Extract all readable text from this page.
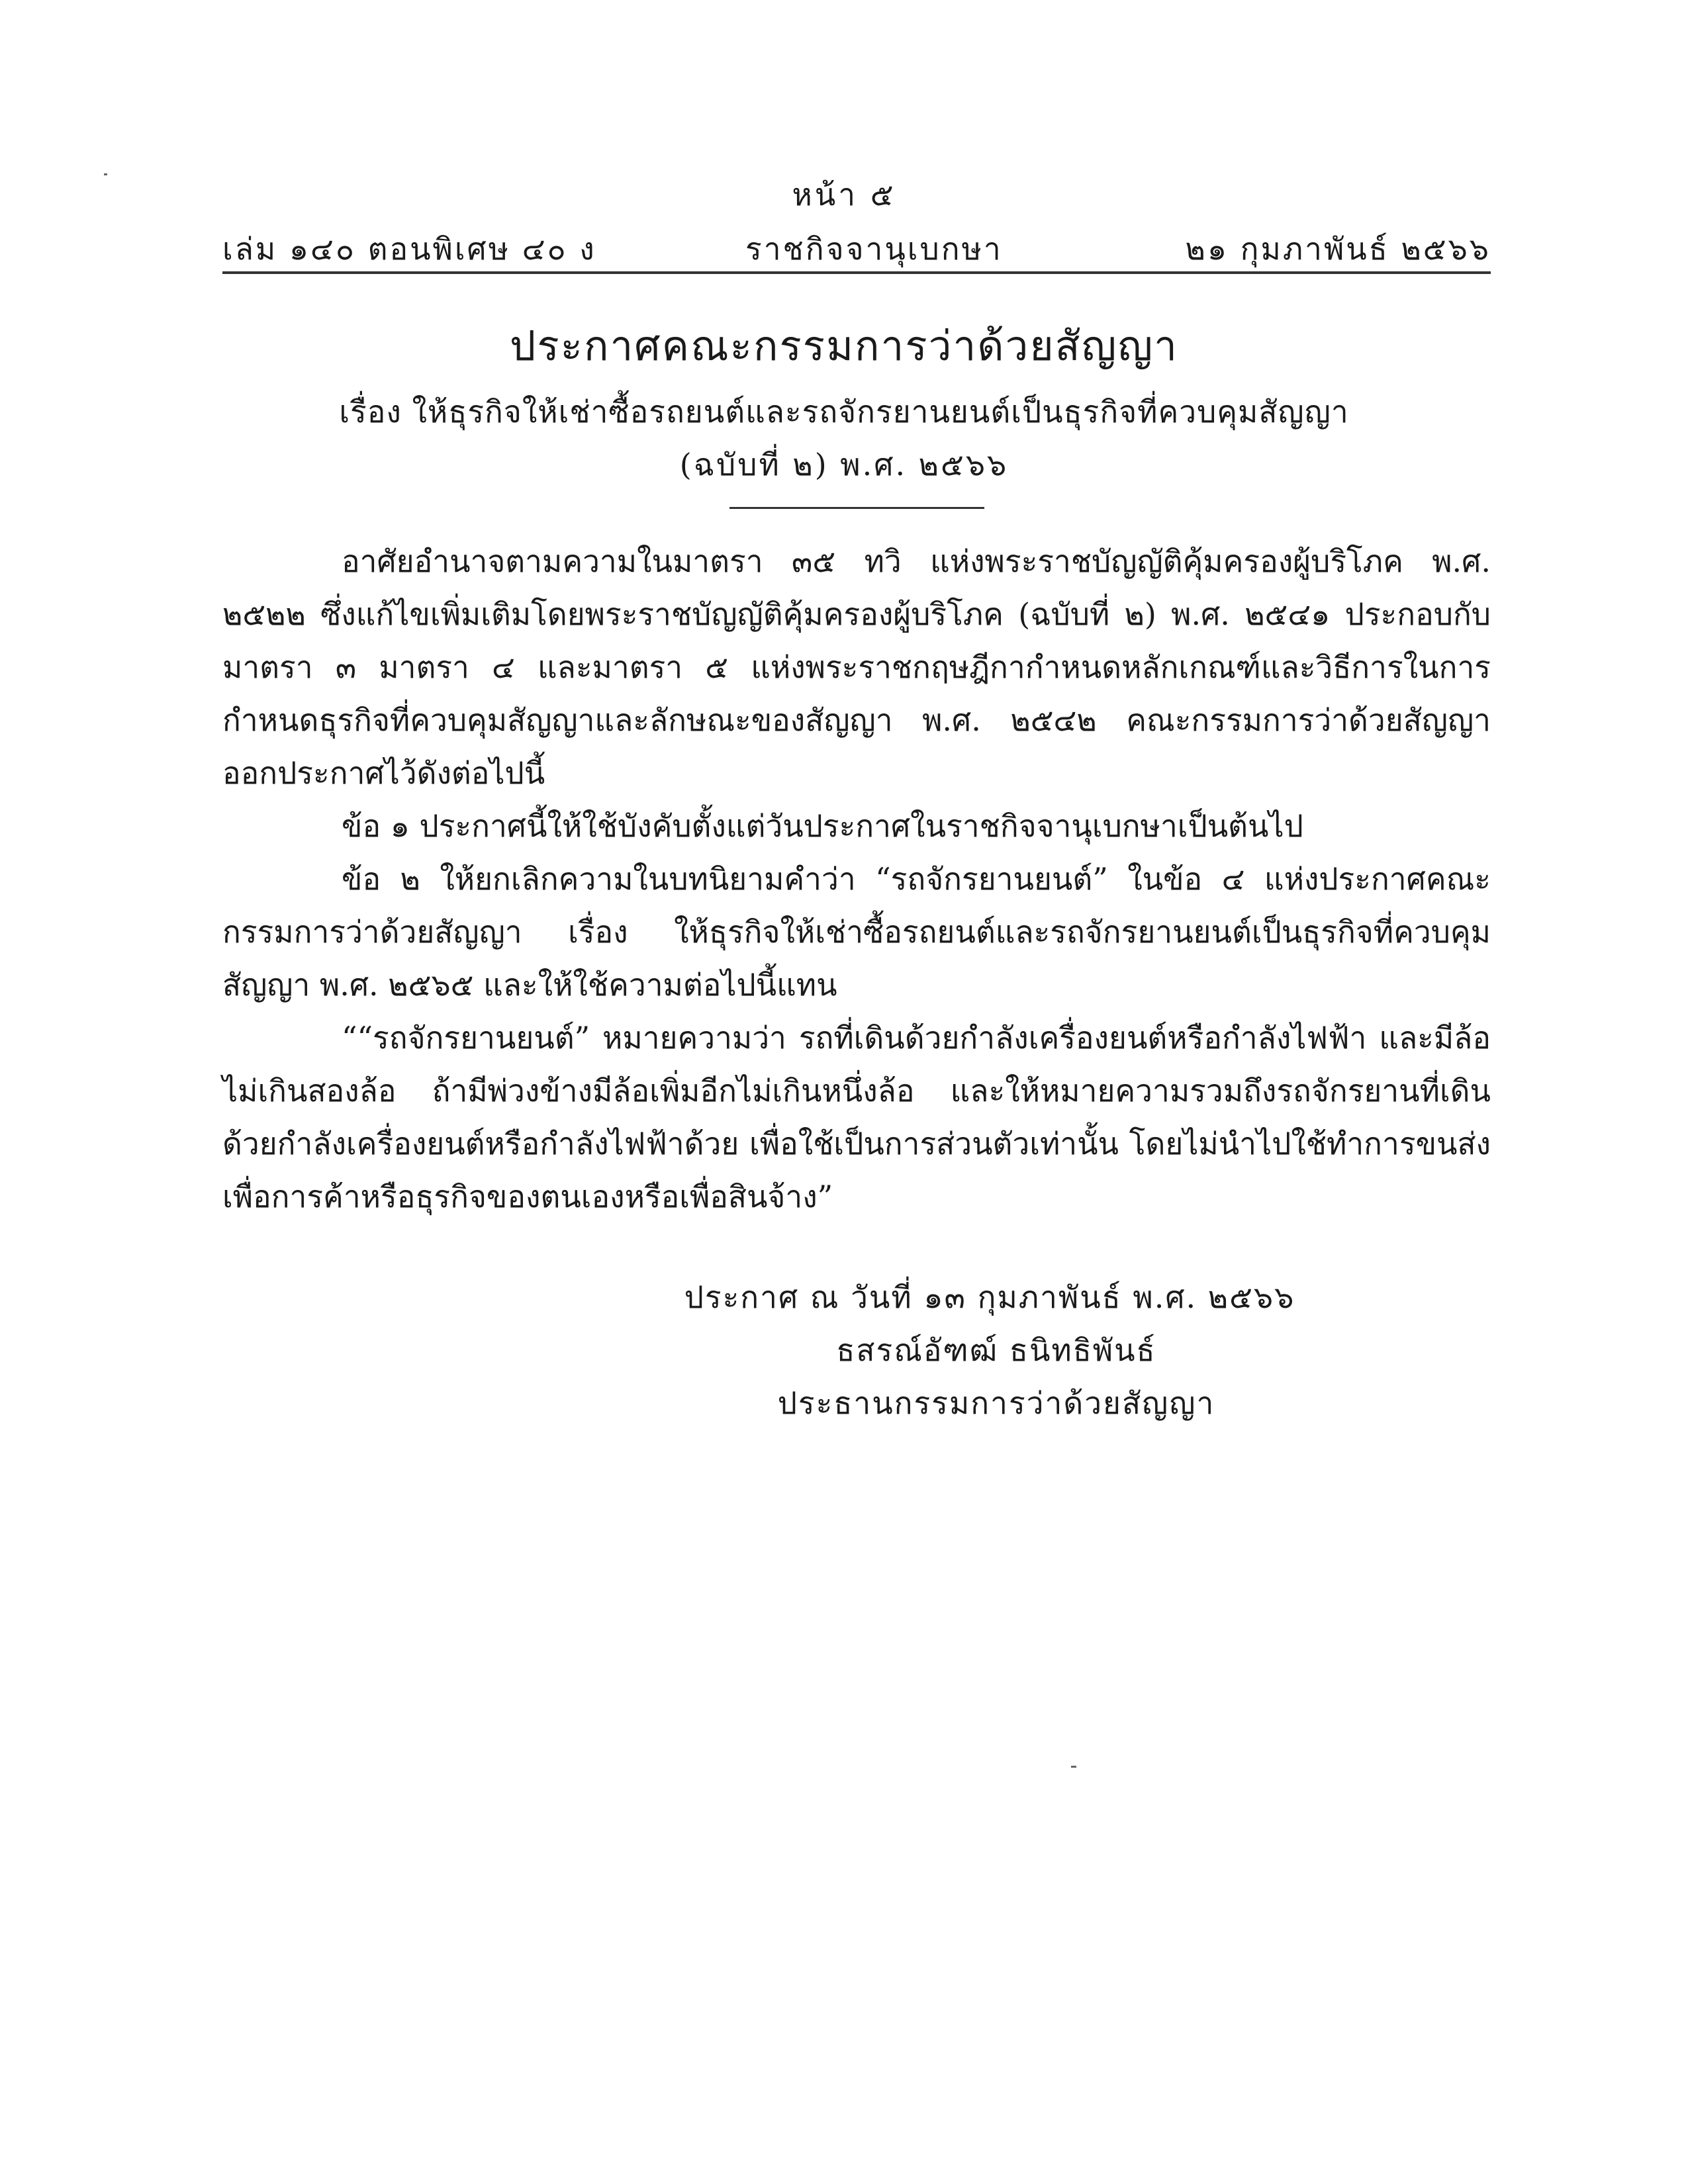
หน้า ๕
เล่ม ๑๔๐ ตอนพิเศษ ๔๐ ง	ราชกิจจานุเบกษา	๒๑ กุมภาพันธ์ ๒๕๖๖
ประกาศคณะกรรมการว่าด้วยสัญญา
เรื่อง ให้ธุรกิจให้เช่าซื้อรถยนต์และรถจักรยานยนต์เป็นธุรกิจที่ควบคุมสัญญา
(ฉบับที่ ๒) พ.ศ. ๒๕๖๖

อาศัยอำนาจตามความในมาตรา ๓๕ ทวิ แห่งพระราชบัญญัติคุ้มครองผู้บริโภค พ.ศ. ๒๕๒๒ ซึ่งแก้ไขเพิ่มเติมโดยพระราชบัญญัติคุ้มครองผู้บริโภค (ฉบับที่ ๒) พ.ศ. ๒๕๔๑ ประกอบกับมาตรา ๓ มาตรา ๔ และมาตรา ๕ แห่งพระราชกฤษฎีกากำหนดหลักเกณฑ์และวิธีการในการกำหนดธุรกิจที่ควบคุมสัญญาและลักษณะของสัญญา พ.ศ. ๒๕๔๒ คณะกรรมการว่าด้วยสัญญา ออกประกาศไว้ดังต่อไปนี้

ข้อ ๑ ประกาศนี้ให้ใช้บังคับตั้งแต่วันประกาศในราชกิจจานุเบกษาเป็นต้นไป

ข้อ ๒ ให้ยกเลิกความในบทนิยามคำว่า “รถจักรยานยนต์” ในข้อ ๔ แห่งประกาศคณะกรรมการว่าด้วยสัญญา เรื่อง ให้ธุรกิจให้เช่าซื้อรถยนต์และรถจักรยานยนต์เป็นธุรกิจที่ควบคุมสัญญา พ.ศ. ๒๕๖๕ และให้ใช้ความต่อไปนี้แทน

““รถจักรยานยนต์” หมายความว่า รถที่เดินด้วยกำลังเครื่องยนต์หรือกำลังไฟฟ้า และมีล้อไม่เกินสองล้อ ถ้ามีพ่วงข้างมีล้อเพิ่มอีกไม่เกินหนึ่งล้อ และให้หมายความรวมถึงรถจักรยานที่เดินด้วยกำลังเครื่องยนต์หรือกำลังไฟฟ้าด้วย เพื่อใช้เป็นการส่วนตัวเท่านั้น โดยไม่นำไปใช้ทำการขนส่งเพื่อการค้าหรือธุรกิจของตนเองหรือเพื่อสินจ้าง”

ประกาศ ณ วันที่ ๑๓ กุมภาพันธ์ พ.ศ. ๒๕๖๖
ธสรณ์อัฑฒ์ ธนิทธิพันธ์
ประธานกรรมการว่าด้วยสัญญา
